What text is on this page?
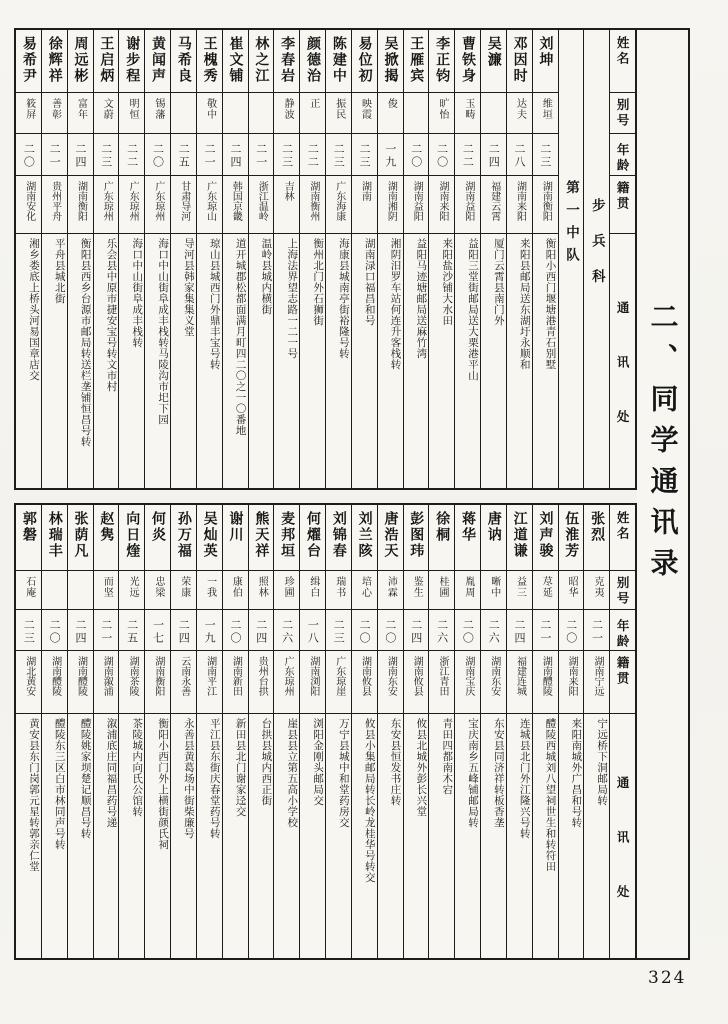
姓名
别号
年龄
籍贯
通讯处
步兵科
第一中队
刘坤
维垣
二三
湖南衡阳
衡阳小西门堰塘港青石别墅
邓因时
达夫
二八
湖南来阳
来阳县邮局送东湖圩永顺和
吴濂
二四
福建云霄
厦门云霄县南门外
曹铁身
玉畴
二二
湖南益阳
益阳三堂街邮局送大栗港平山
李正钧
旷怡
二〇
湖南来阳
来阳盐沙铺大水田
王雁宾
二〇
湖南益阳
益阳马迹塘邮局送麻竹湾
吴掀揭
俊
一九
湖南湘阴
湘阴汨罗车站何连升客栈转
易位初
映霞
二三
湖南
湖南渌口福昌和号
陈建中
振民
二三
广东海康
海康县城南亭街裕隆号转
颜德治
正
二二
湖南衡州
衡州北门外石狮街
李春岩
静波
二三
吉林
上海法界望志路一二一号
林之江
二一
浙江温岭
温岭县城内横街
崔文铺
二四
韩国京畿
道开城郡松都面满月町四二〇之一〇番地
王槐秀
敬中
二一
广东琼山
琼山县城西门外鼎丰宝号转
马希良
二五
甘肃导河
导河县韩家集集义堂
黄闻声
锡藩
二〇
广东琼州
海口中山街阜成丰栈转马陵沟市圯下园
谢步程
明恒
二二
广东琼州
海口中山街阜成丰栈转
王启炳
文蔚
二三
广东琼州
乐会县中原市捷安宝号转文市村
周远彬
富年
二四
湖南衡阳
衡阳县西乡台源市邮局转送栏垄铺恒昌号转
徐辉祥
善彰
二一
贵州平舟
平舟县城北街
易希尹
筱屏
二〇
湖南安化
湘乡娄底上桥头河易国章店交
姓名
别号
年龄
籍贯
通讯处
张烈
克夷
二一
湖南宁远
宁远桥下洞邮局转
伍淮芳
昭华
二〇
湖南来阳
来阳南城外广昌和号转
刘声骏
荩延
二一
湖南醴陵
醴陵西城刘八望祠世生和转符田
江道谦
益三
二四
福建连城
连城县北门外江隆兴号转
唐讷
晰中
二六
湖南东安
东安县同济祥转板香垄
蒋华
胤周
二〇
湖南宝庆
宝庆南乡五峰铺邮局转
徐桐
桂圃
二六
浙江青田
青田四都南木宕
彭图玮
鉴生
二四
湖南攸县
攸县北城外彭长兴堂
唐浩天
沛霖
二〇
湖南东安
东安县恒发书庄转
刘兰陔
培心
二〇
湖南攸县
攸县小集邮局转长岭龙桂华号转交
刘锦春
瑞书
二三
广东琼崖
万宁县城中和堂药房交
何燿台
缉白
一八
湖南浏阳
浏阳金刚头邮局交
麦邦垣
珍圃
二六
广东琼州
崖县县立第五高小学校
熊天祥
照林
二四
贵州台拱
台拱县城内西正街
谢川
康伯
二〇
湖南新田
新田县北门谢家迳交
吴灿英
一我
一九
湖南平江
平江县东街庆春堂药号转
孙万福
荣康
二四
云南永善
永善县黄葛场中街柴廉号
何炎
忠梁
一七
湖南衡阳
衡阳小西门外上横街颜氏祠
向日煃
光远
二五
湖南茶陵
茶陵城内向氏公馆转
赵隽
而坚
二一
湖南溆浦
溆浦底庄同福昌药号递
张荫凡
二四
湖南醴陵
醴陵姚家坝楚记顺昌号转
林瑞丰
二〇
湖南醴陵
醴陵东三区白市林同声号转
郭磐
石庵
二三
湖北黄安
黄安县东门岗郭元星转郭亲仁堂
二、同学通讯录
324
